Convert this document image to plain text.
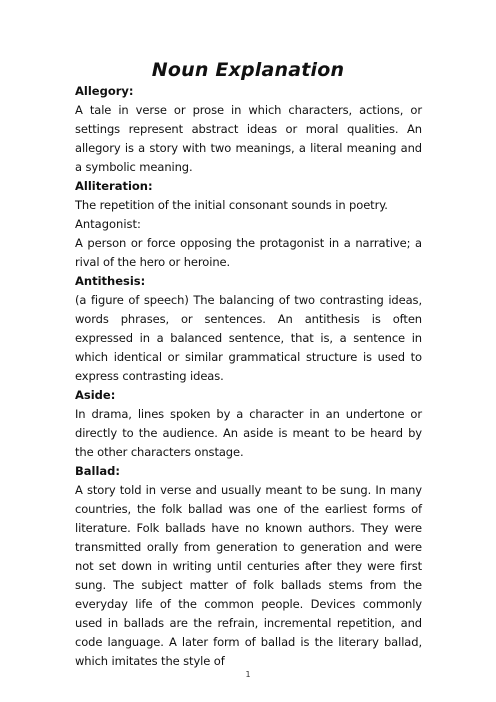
Noun Explanation

Allegory:

A tale in verse or prose in which characters, actions, or settings represent abstract ideas or moral qualities. An allegory is a story with two meanings, a literal meaning and a symbolic meaning.

Alliteration:

The repetition of the initial consonant sounds in poetry.

Antagonist:

A person or force opposing the protagonist in a narrative; a rival of the hero or heroine.

Antithesis:

(a figure of speech) The balancing of two contrasting ideas, words phrases, or sentences. An antithesis is often expressed in a balanced sentence, that is, a sentence in which identical or similar grammatical structure is used to express contrasting ideas.

Aside:

In drama, lines spoken by a character in an undertone or directly to the audience. An aside is meant to be heard by the other characters onstage.

Ballad:

A story told in verse and usually meant to be sung. In many countries, the folk ballad was one of the earliest forms of literature. Folk ballads have no known authors. They were transmitted orally from generation to generation and were not set down in writing until centuries after they were first sung. The subject matter of folk ballads stems from the everyday life of the common people. Devices commonly used in ballads are the refrain, incremental repetition, and code language. A later form of ballad is the literary ballad, which imitates the style of

1
